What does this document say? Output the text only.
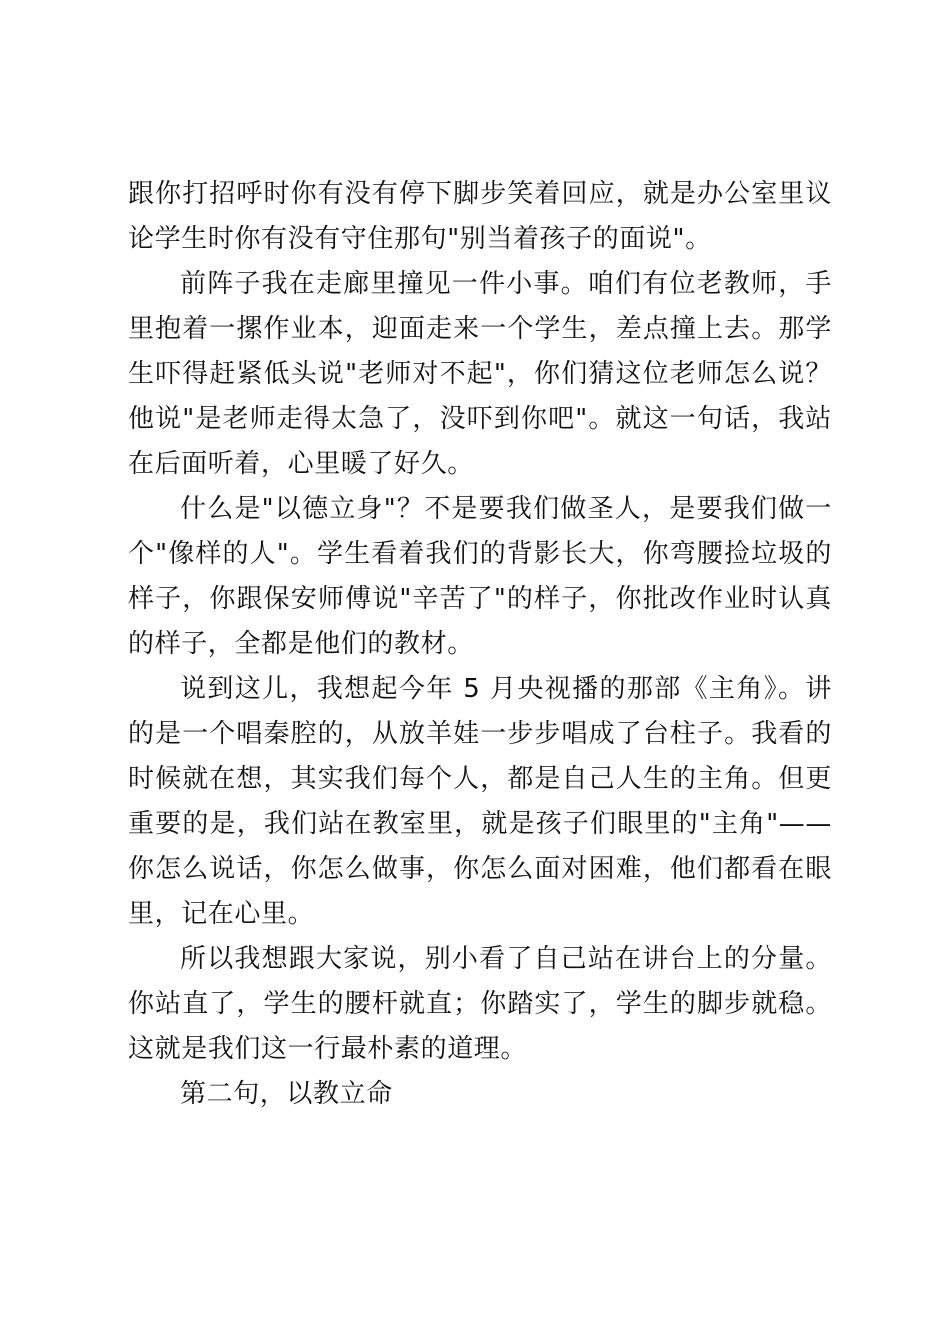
跟你打招呼时你有没有停下脚步笑着回应，就是办公室里议论学生时你有没有守住那句"别当着孩子的面说"。

前阵子我在走廊里撞见一件小事。咱们有位老教师，手里抱着一摞作业本，迎面走来一个学生，差点撞上去。那学生吓得赶紧低头说"老师对不起"，你们猜这位老师怎么说？他说"是老师走得太急了，没吓到你吧"。就这一句话，我站在后面听着，心里暖了好久。

什么是"以德立身"？不是要我们做圣人，是要我们做一个"像样的人"。学生看着我们的背影长大，你弯腰捡垃圾的样子，你跟保安师傅说"辛苦了"的样子，你批改作业时认真的样子，全都是他们的教材。

说到这儿，我想起今年 5 月央视播的那部《主角》。讲的是一个唱秦腔的，从放羊娃一步步唱成了台柱子。我看的时候就在想，其实我们每个人，都是自己人生的主角。但更重要的是，我们站在教室里，就是孩子们眼里的"主角"——你怎么说话，你怎么做事，你怎么面对困难，他们都看在眼里，记在心里。

所以我想跟大家说，别小看了自己站在讲台上的分量。你站直了，学生的腰杆就直；你踏实了，学生的脚步就稳。这就是我们这一行最朴素的道理。

第二句，以教立命
